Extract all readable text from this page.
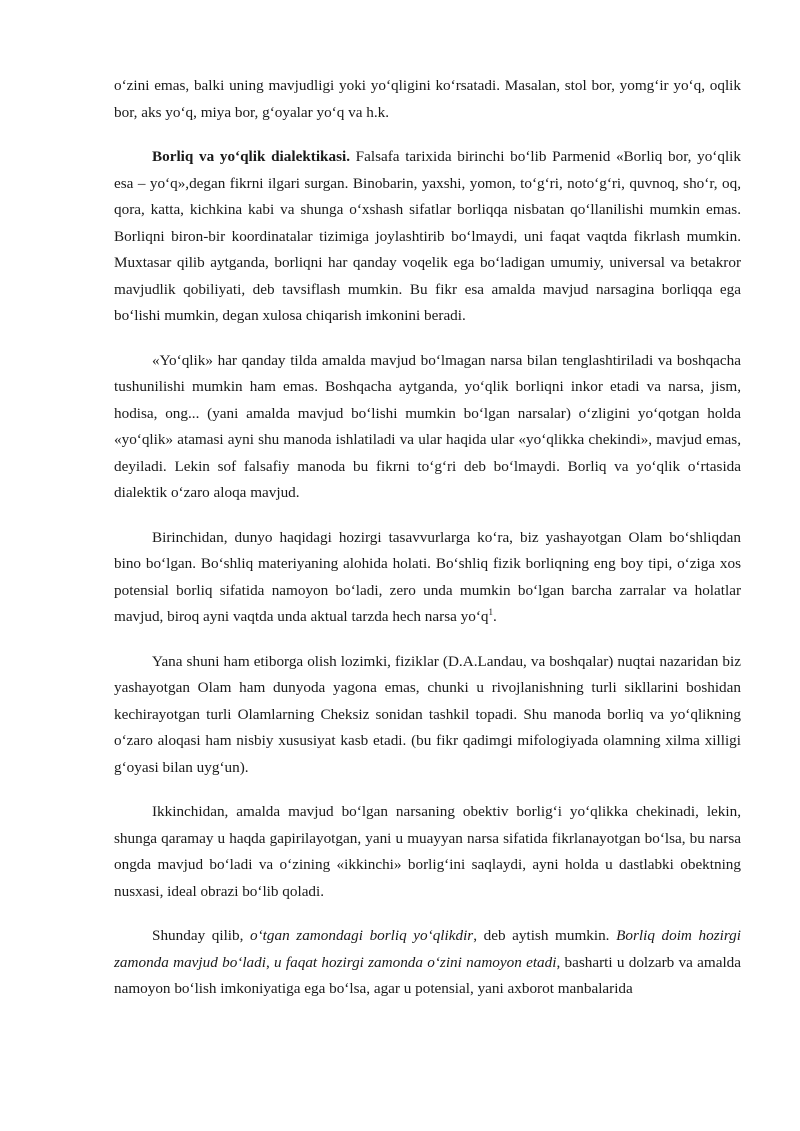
o‘zini emas, balki uning mavjudligi yoki yo‘qligini ko‘rsatadi. Masalan, stol bor, yomg‘ir yo‘q, oqlik bor, aks yo‘q, miya bor, g‘oyalar yo‘q va h.k.

Borliq va yo‘qlik dialektikasi. Falsafa tarixida birinchi bo‘lib Parmenid «Borliq bor, yo‘qlik esa – yo‘q»,degan fikrni ilgari surgan. Binobarin, yaxshi, yomon, to‘g‘ri, noto‘g‘ri, quvnoq, sho‘r, oq, qora, katta, kichkina kabi va shunga o‘xshash sifatlar borliqqa nisbatan qo‘llanilishi mumkin emas. Borliqni biron-bir koordinatalar tizimiga joylashtirib bo‘lmaydi, uni faqat vaqtda fikrlash mumkin. Muxtasar qilib aytganda, borliqni har qanday voqelik ega bo‘ladigan umumiy, universal va betakror mavjudlik qobiliyati, deb tavsiflash mumkin. Bu fikr esa amalda mavjud narsagina borliqqa ega bo‘lishi mumkin, degan xulosa chiqarish imkonini beradi.

«Yo‘qlik» har qanday tilda amalda mavjud bo‘lmagan narsa bilan tenglashtiriladi va boshqacha tushunilishi mumkin ham emas. Boshqacha aytganda, yo‘qlik borliqni inkor etadi va narsa, jism, hodisa, ong... (yani amalda mavjud bo‘lishi mumkin bo‘lgan narsalar) o‘zligini yo‘qotgan holda «yo‘qlik» atamasi ayni shu manoda ishlatiladi va ular haqida ular «yo‘qlikka chekindi», mavjud emas, deyiladi. Lekin sof falsafiy manoda bu fikrni to‘g‘ri deb bo‘lmaydi. Borliq va yo‘qlik o‘rtasida dialektik o‘zaro aloqa mavjud.

Birinchidan, dunyo haqidagi hozirgi tasavvurlarga ko‘ra, biz yashayotgan Olam bo‘shliqdan bino bo‘lgan. Bo‘shliq materiyaning alohida holati. Bo‘shliq fizik borliqning eng boy tipi, o‘ziga xos potensial borliq sifatida namoyon bo‘ladi, zero unda mumkin bo‘lgan barcha zarralar va holatlar mavjud, biroq ayni vaqtda unda aktual tarzda hech narsa $yo‘q^1$.

Yana shuni ham etiborga olish lozimki, fiziklar (D.A.Landau, va boshqalar) nuqtai nazaridan biz yashayotgan Olam ham dunyoda yagona emas, chunki u rivojlanishning turli sikllarini boshidan kechirayotgan turli Olamlarning Cheksiz sonidan tashkil topadi. Shu manoda borliq va yo‘qlikning o‘zaro aloqasi ham nisbiy xususiyat kasb etadi. (bu fikr qadimgi mifologiyada olamning xilma xilligi g‘oyasi bilan uyg‘un).

Ikkinchidan, amalda mavjud bo‘lgan narsaning obektiv borlig‘i yo‘qlikka chekinadi, lekin, shunga qaramay u haqda gapirilayotgan, yani u muayyan narsa sifatida fikrlanayotgan bo‘lsa, bu narsa ongda mavjud bo‘ladi va o‘zining «ikkinchi» borlig‘ini saqlaydi, ayni holda u dastlabki obektning nusxasi, ideal obrazi bo‘lib qoladi.

Shunday qilib, o‘tgan zamondagi borliq yo‘qlikdir, deb aytish mumkin. Borliq doim hozirgi zamonda mavjud bo‘ladi, u faqat hozirgi zamonda o‘zini namoyon etadi, basharti u dolzarb va amalda namoyon bo‘lish imkoniyatiga ega bo‘lsa, agar u potensial, yani axborot manbalarida
